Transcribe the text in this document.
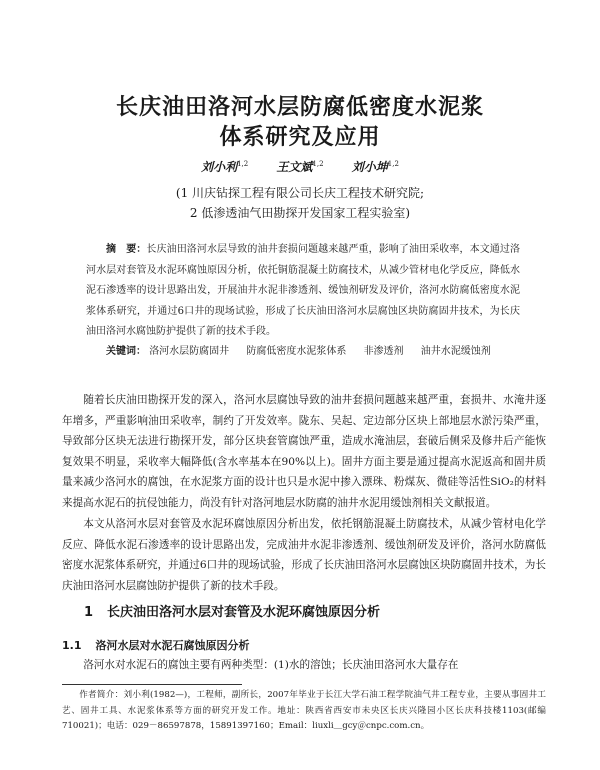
长庆油田洛河水层防腐低密度水泥浆
体系研究及应用
刘小利$^{1,2}$ 王文斌$^{1,2}$ 刘小坤$^{1,2}$
(1 川庆钻探工程有限公司长庆工程技术研究院;
2 低渗透油气田勘探开发国家工程实验室)
摘　要：长庆油田洛河水层导致的油井套损问题越来越严重，影响了油田采收率，本文通过洛河水层对套管及水泥环腐蚀原因分析，依托铜筋混凝土防腐技术，从减少管材电化学反应，降低水泥石渗透率的设计思路出发，开展油井水泥非渗透剂、缓蚀剂研发及评价，洛河水防腐低密度水泥浆体系研究，并通过6口井的现场试验，形成了长庆油田洛河水层腐蚀区块防腐固井技术，为长庆油田洛河水腐蚀防护提供了新的技术手段。
关键词： 洛河水层防腐固井 防腐低密度水泥浆体系 非渗透剂 油井水泥缓蚀剂

随着长庆油田勘探开发的深入，洛河水层腐蚀导致的油井套损问题越来越严重，套损井、水淹井逐年增多，严重影响油田采收率，制约了开发效率。陇东、吴起、定边部分区块上部地层水淤污染严重，导致部分区块无法进行勘探开发，部分区块套管腐蚀严重，造成水淹油层，套破后侧采及修井后产能恢复效果不明显，采收率大幅降低(含水率基本在90%以上)。固井方面主要是通过提高水泥返高和固井质量来减少洛河水的腐蚀，在水泥浆方面的设计也只是水泥中掺入漂珠、粉煤灰、微硅等活性SiO₂的材料来提高水泥石的抗侵蚀能力，尚没有针对洛河地层水防腐的油井水泥用缓蚀剂相关文献报道。

本文从洛河水层对套管及水泥环腐蚀原因分析出发，依托钢筋混凝土防腐技术，从减少管材电化学反应、降低水泥石渗透率的设计思路出发，完成油井水泥非渗透剂、缓蚀剂研发及评价，洛河水防腐低密度水泥浆体系研究，并通过6口井的现场试验，形成了长庆油田洛河水层腐蚀区块防腐固井技术，为长庆油田洛河水层腐蚀防护提供了新的技术手段。

1 长庆油田洛河水层对套管及水泥环腐蚀原因分析
1.1 洛河水层对水泥石腐蚀原因分析

洛河水对水泥石的腐蚀主要有两种类型：(1)水的溶蚀；长庆油田洛河水大量存在

作者简介：刘小利(1982—)，工程师，副所长，2007年毕业于长江大学石油工程学院油气井工程专业，主要从事固井工艺、固井工具、水泥浆体系等方面的研究开发工作。地址：陕西省西安市未央区长庆兴隆园小区长庆科技楼1103(邮编710021)；电话：029－86597878，15891397160；Email：liuxli＿gcy＠cnpc.com.cn。
